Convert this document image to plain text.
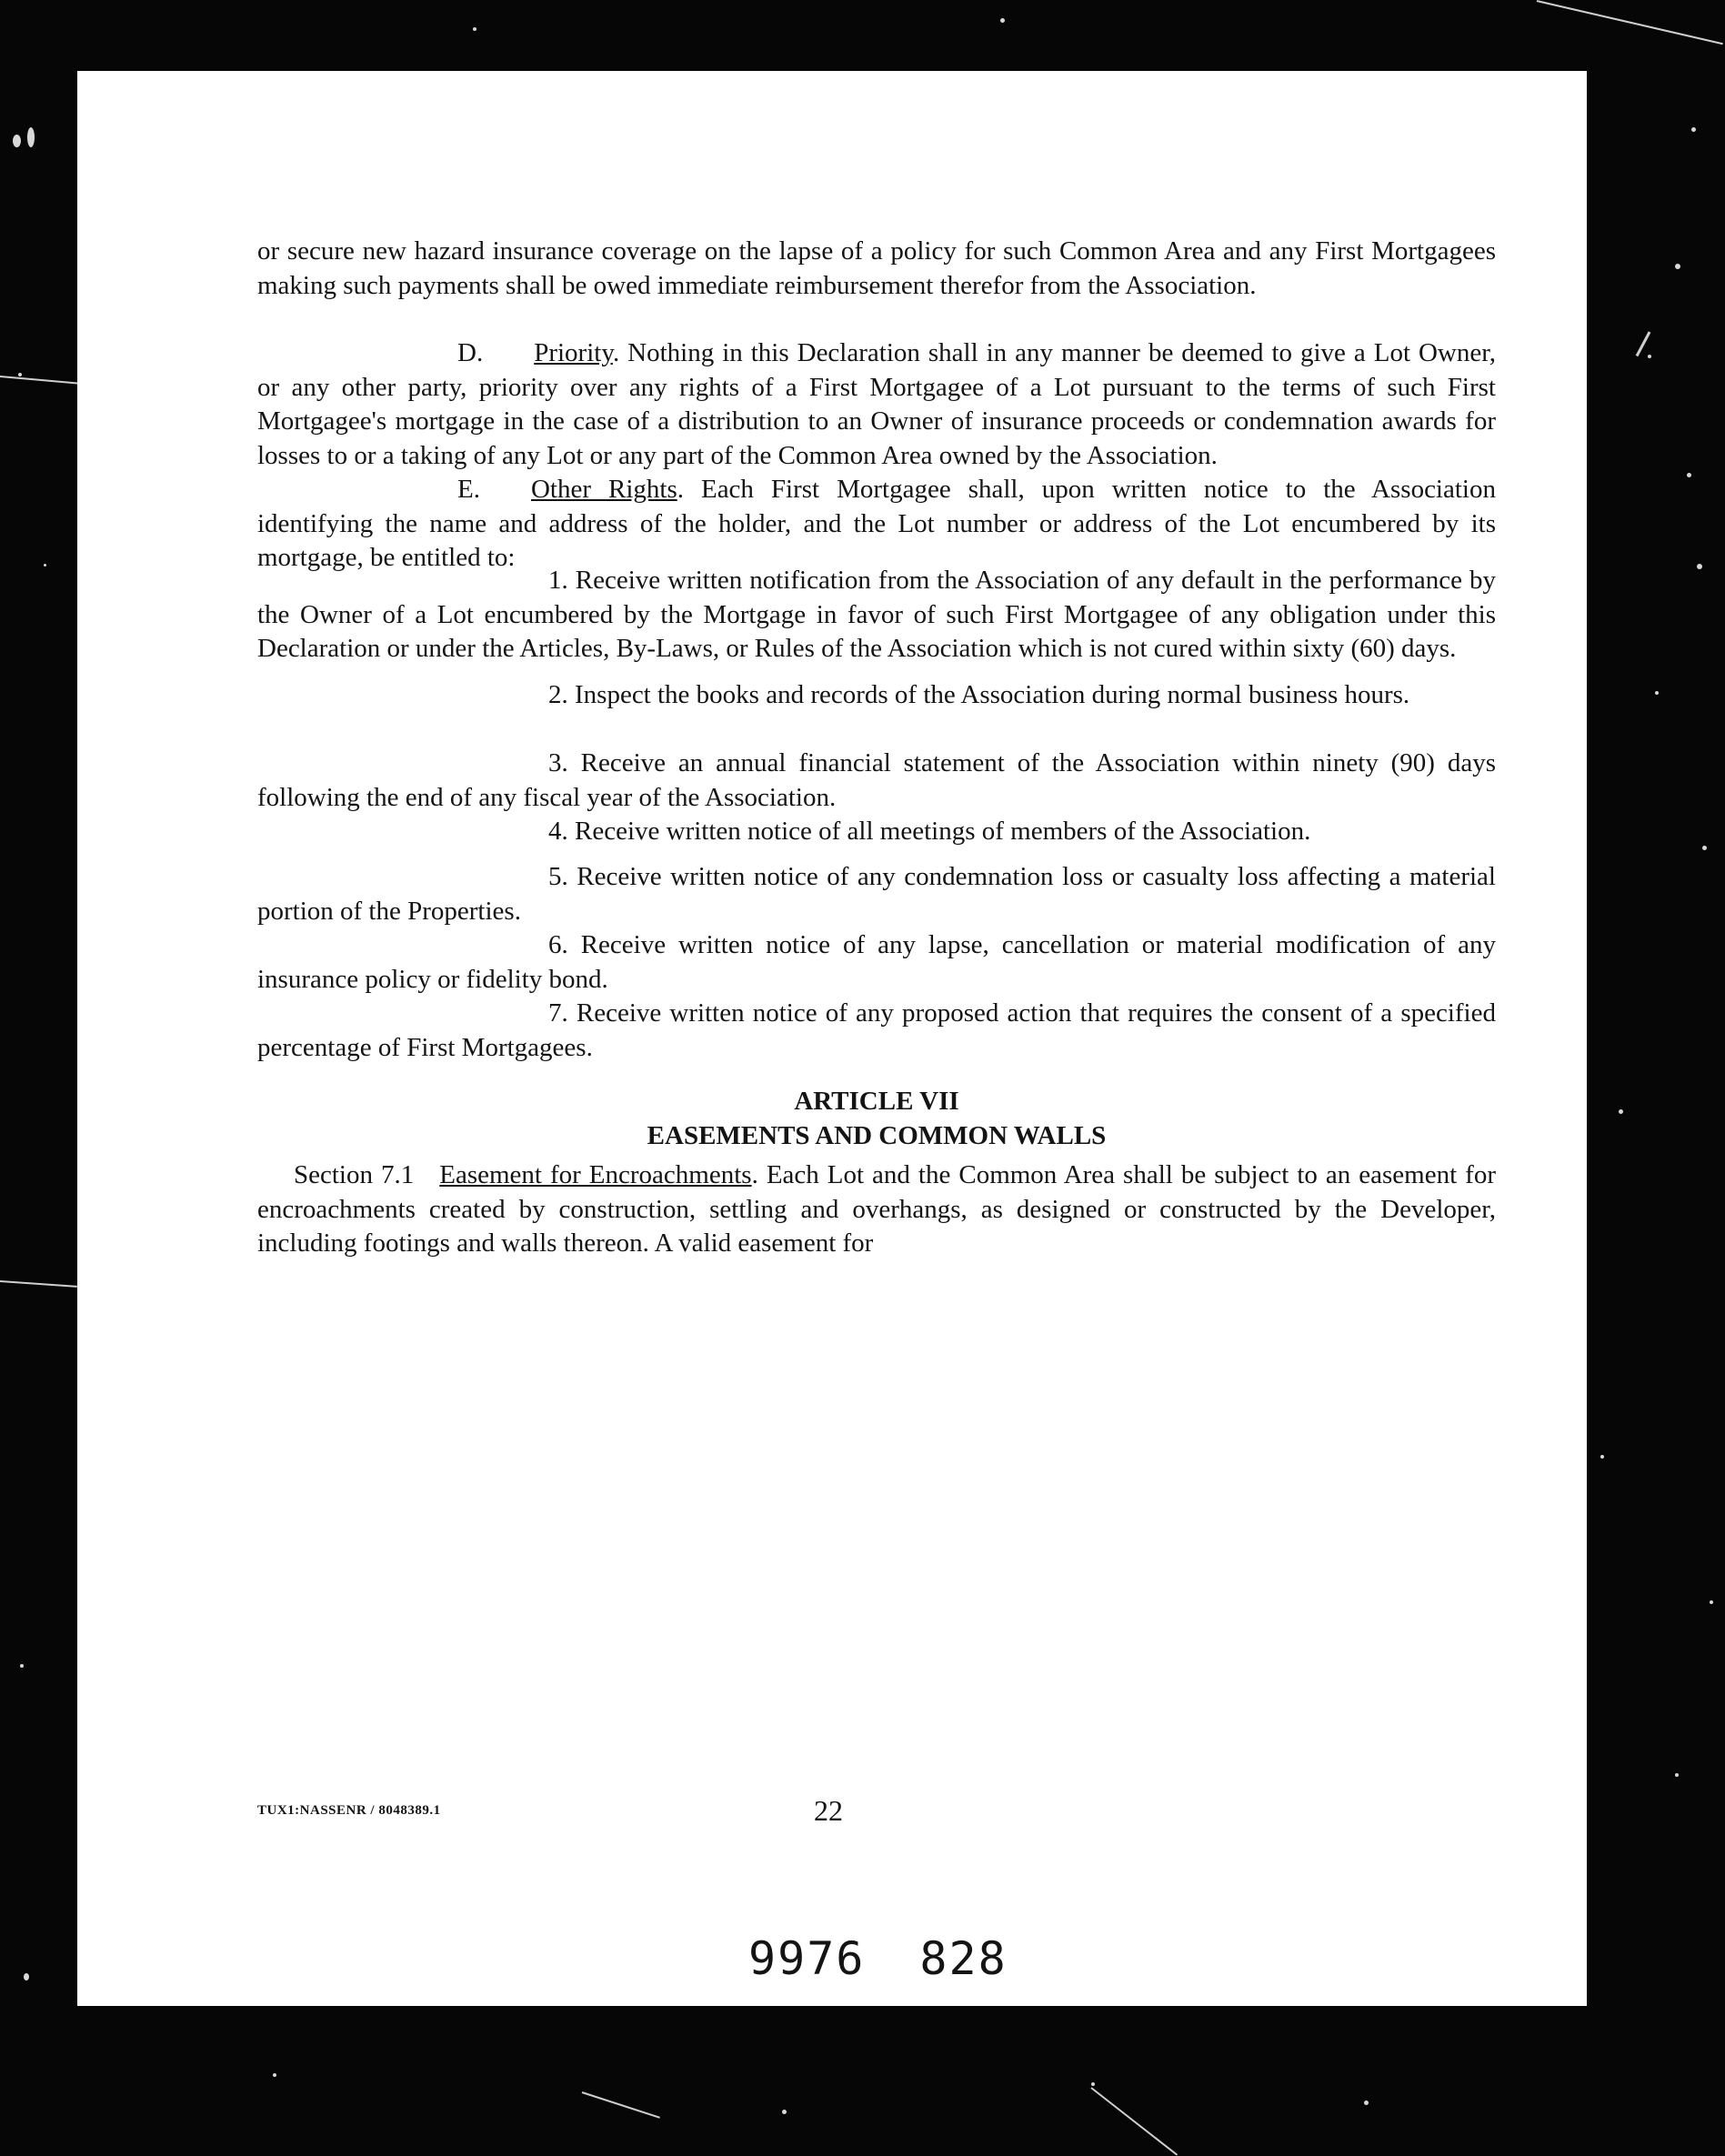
or secure new hazard insurance coverage on the lapse of a policy for such Common Area and any First Mortgagees making such payments shall be owed immediate reimbursement therefor from the Association.
D. Priority. Nothing in this Declaration shall in any manner be deemed to give a Lot Owner, or any other party, priority over any rights of a First Mortgagee of a Lot pursuant to the terms of such First Mortgagee's mortgage in the case of a distribution to an Owner of insurance proceeds or condemnation awards for losses to or a taking of any Lot or any part of the Common Area owned by the Association.
E. Other Rights. Each First Mortgagee shall, upon written notice to the Association identifying the name and address of the holder, and the Lot number or address of the Lot encumbered by its mortgage, be entitled to:
1. Receive written notification from the Association of any default in the performance by the Owner of a Lot encumbered by the Mortgage in favor of such First Mortgagee of any obligation under this Declaration or under the Articles, By-Laws, or Rules of the Association which is not cured within sixty (60) days.
2. Inspect the books and records of the Association during normal business hours.
3. Receive an annual financial statement of the Association within ninety (90) days following the end of any fiscal year of the Association.
4. Receive written notice of all meetings of members of the Association.
5. Receive written notice of any condemnation loss or casualty loss affecting a material portion of the Properties.
6. Receive written notice of any lapse, cancellation or material modification of any insurance policy or fidelity bond.
7. Receive written notice of any proposed action that requires the consent of a specified percentage of First Mortgagees.
ARTICLE VII
EASEMENTS AND COMMON WALLS
Section 7.1 Easement for Encroachments. Each Lot and the Common Area shall be subject to an easement for encroachments created by construction, settling and overhangs, as designed or constructed by the Developer, including footings and walls thereon. A valid easement for
TUX1:NASSENR / 8048389.1	22
9976 828
